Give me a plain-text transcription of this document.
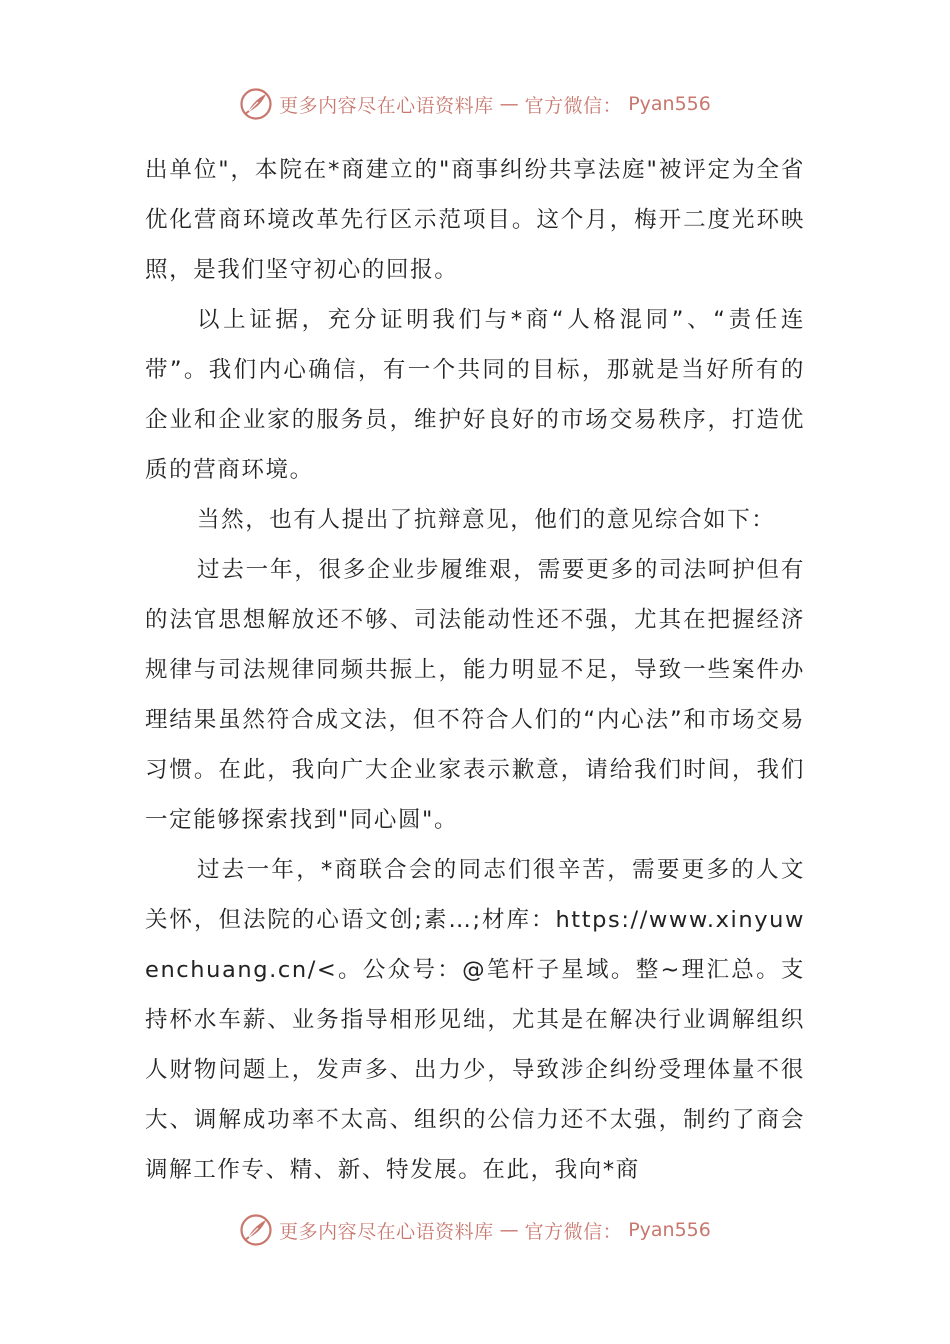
更多内容尽在心语资料库 — 官方微信： Pyan556

出单位"，本院在*商建立的"商事纠纷共享法庭"被评定为全省优化营商环境改革先行区示范项目。这个月，梅开二度光环映照，是我们坚守初心的回报。

以上证据，充分证明我们与*商“人格混同”、“责任连带”。我们内心确信，有一个共同的目标，那就是当好所有的企业和企业家的服务员，维护好良好的市场交易秩序，打造优质的营商环境。

当然，也有人提出了抗辩意见，他们的意见综合如下：

过去一年，很多企业步履维艰，需要更多的司法呵护但有的法官思想解放还不够、司法能动性还不强，尤其在把握经济规律与司法规律同频共振上，能力明显不足，导致一些案件办理结果虽然符合成文法，但不符合人们的“内心法”和市场交易习惯。在此，我向广大企业家表示歉意，请给我们时间，我们一定能够探索找到"同心圆"。

过去一年，*商联合会的同志们很辛苦，需要更多的人文关怀，但法院的心语文创;素…;材库：https://www.xinyuwenchuang.cn/<。公众号：@笔杆子星域。整~理汇总。支持杯水车薪、业务指导相形见绌，尤其是在解决行业调解组织人财物问题上，发声多、出力少，导致涉企纠纷受理体量不很大、调解成功率不太高、组织的公信力还不太强，制约了商会调解工作专、精、新、特发展。在此，我向*商

更多内容尽在心语资料库 — 官方微信： Pyan556
